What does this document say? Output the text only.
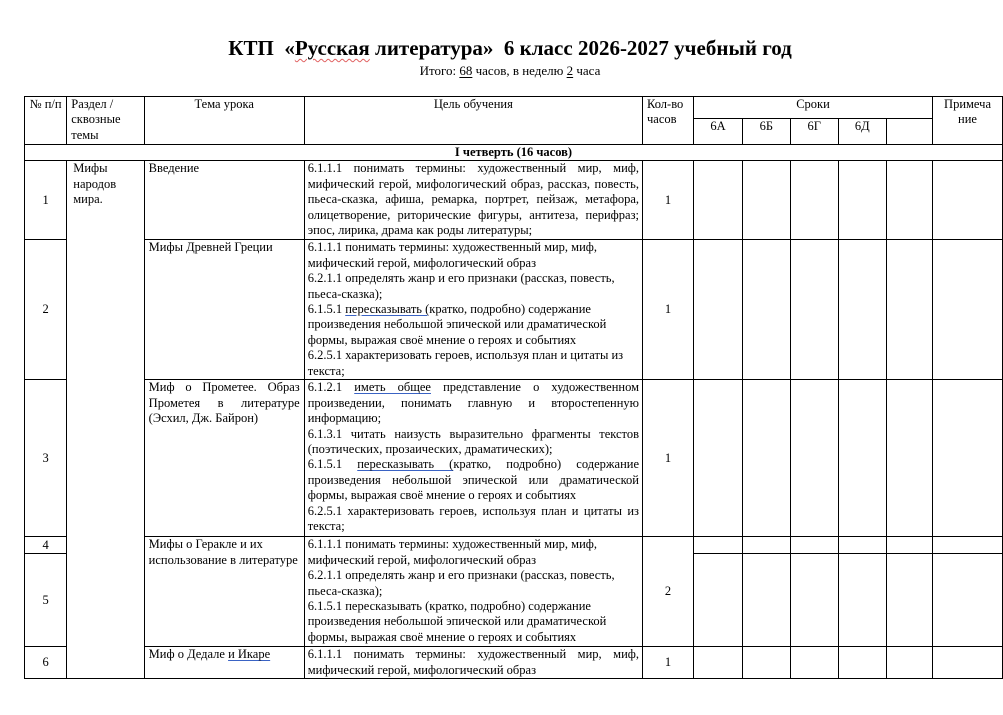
КТП  «Русская литература»  6 класс 2026-2027 учебный год
Итого: 68 часов, в неделю 2 часа
№ п/п	Раздел /сквозные темы	Тема урока	Цель обучения	Кол-во часов	Сроки					Примеча ние
					6А	6Б	6Г	6Д		
I четверть (16 часов)										
1	Мифы народов мира.	Введение	6.1.1.1 понимать термины: художественный мир, миф, мифический герой, мифологический образ, рассказ, повесть, пьеса-сказка, афиша, ремарка, портрет, пейзаж, метафора, олицетворение, риторические фигуры, антитеза, перифраз; эпос, лирика, драма как роды литературы;	1						
2		Мифы Древней Греции	6.1.1.1 понимать термины: художественный мир, миф, мифический герой, мифологический образ
6.2.1.1 определять жанр и его признаки (рассказ, повесть, пьеса-сказка);
6.1.5.1 пересказывать (кратко, подробно) содержание произведения небольшой эпической или драматической формы, выражая своё мнение о героях и событиях
6.2.5.1 характеризовать героев, используя план и цитаты из текста;	1						
3		Миф о Прометее. Образ Прометея в литературе (Эсхил, Дж. Байрон)	6.1.2.1 иметь общее представление о художественном произведении, понимать главную и второстепенную информацию;
6.1.3.1 читать наизусть выразительно фрагменты текстов (поэтических, прозаических, драматических);
6.1.5.1 пересказывать (кратко, подробно) содержание произведения небольшой эпической или драматической формы, выражая своё мнение о героях и событиях
6.2.5.1 характеризовать героев, используя план и цитаты из текста;	1						
4		Мифы о Геракле и их использование в литературе	6.1.1.1 понимать термины: художественный мир, миф, мифический герой, мифологический образ
6.2.1.1 определять жанр и его признаки (рассказ, повесть, пьеса-сказка);
6.1.5.1 пересказывать (кратко, подробно) содержание произведения небольшой эпической или драматической формы, выражая своё мнение о героях и событиях	2						
5										
6		Миф о Дедале и Икаре	6.1.1.1 понимать термины: художественный мир, миф, мифический герой, мифологический образ	1						
